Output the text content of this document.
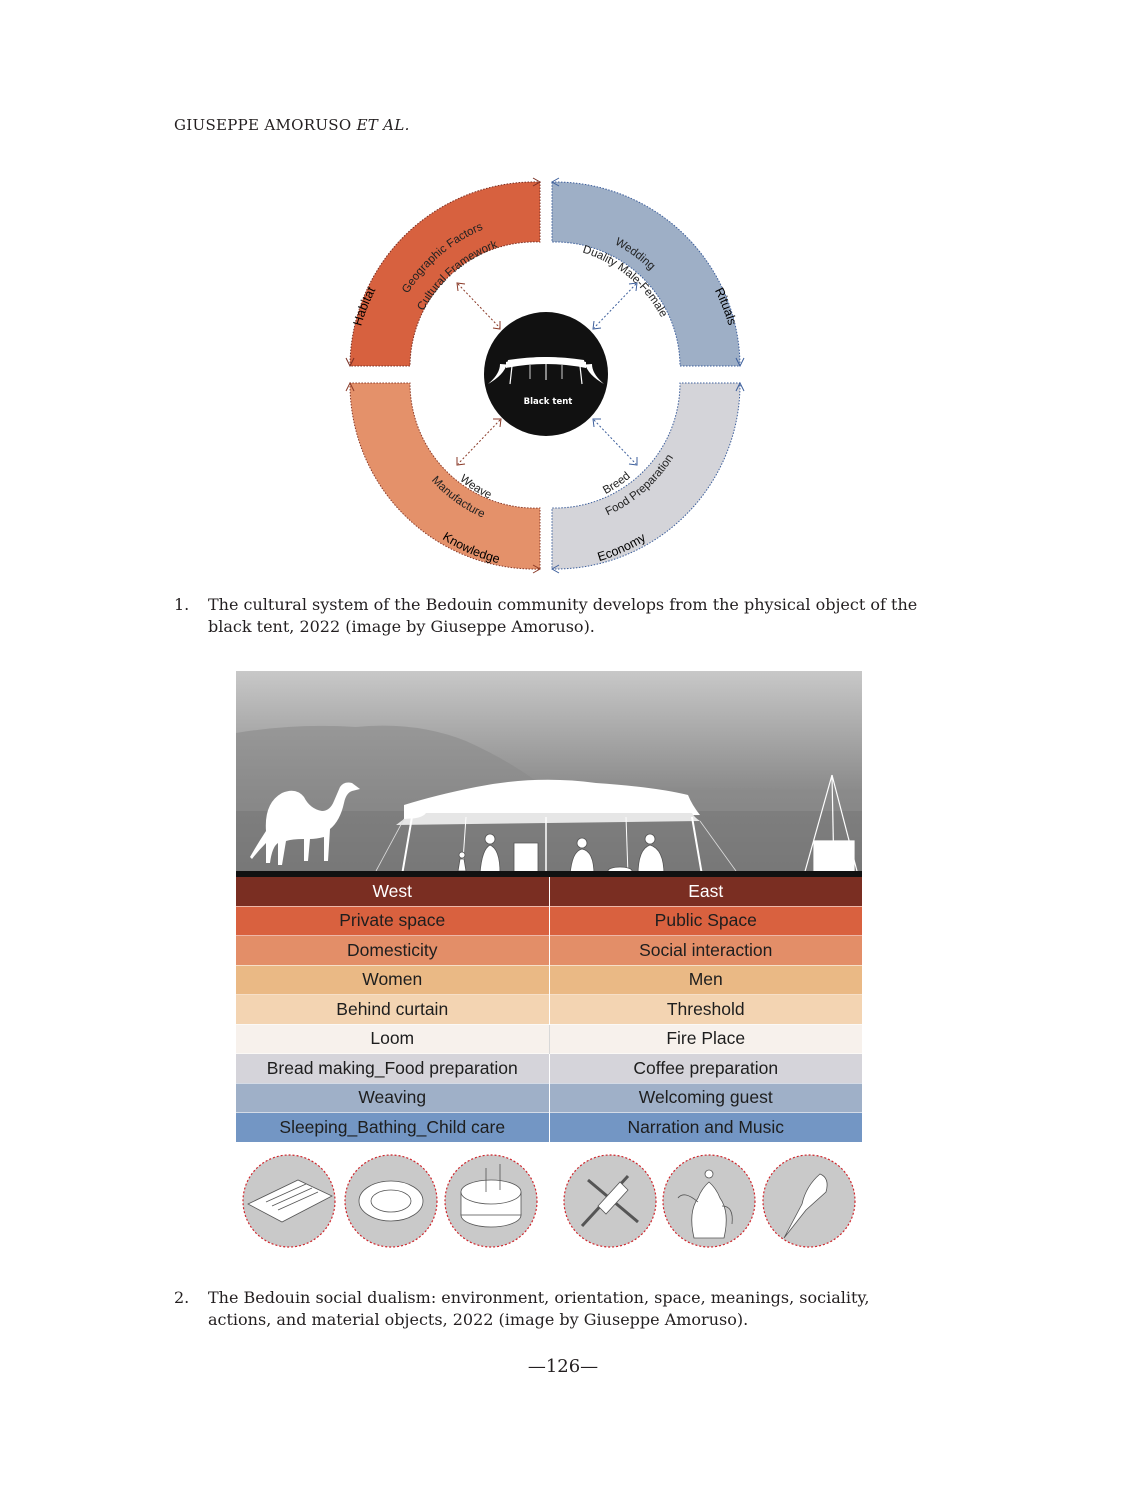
GIUSEPPE AMORUSO ET AL.
Habitat Geographic Factors
Cultural Framework
Rituals
Wedding
Duality Male-Female
Knowledge
Manufacture
Weave
Economy
Food Preparation
Breed
Black tent
1. The cultural system of the Bedouin community develops from the physical object of the black tent, 2022 (image by Giuseppe Amoruso).
West	East
Private space	Public Space
Domesticity	Social interaction
Women	Men
Behind curtain	Threshold
Loom	Fire Place
Bread making_Food preparation	Coffee preparation
Weaving	Welcoming guest
Sleeping_Bathing_Child care	Narration and Music
2. The Bedouin social dualism: environment, orientation, space, meanings, sociality, actions, and material objects, 2022 (image by Giuseppe Amoruso).
—126—
